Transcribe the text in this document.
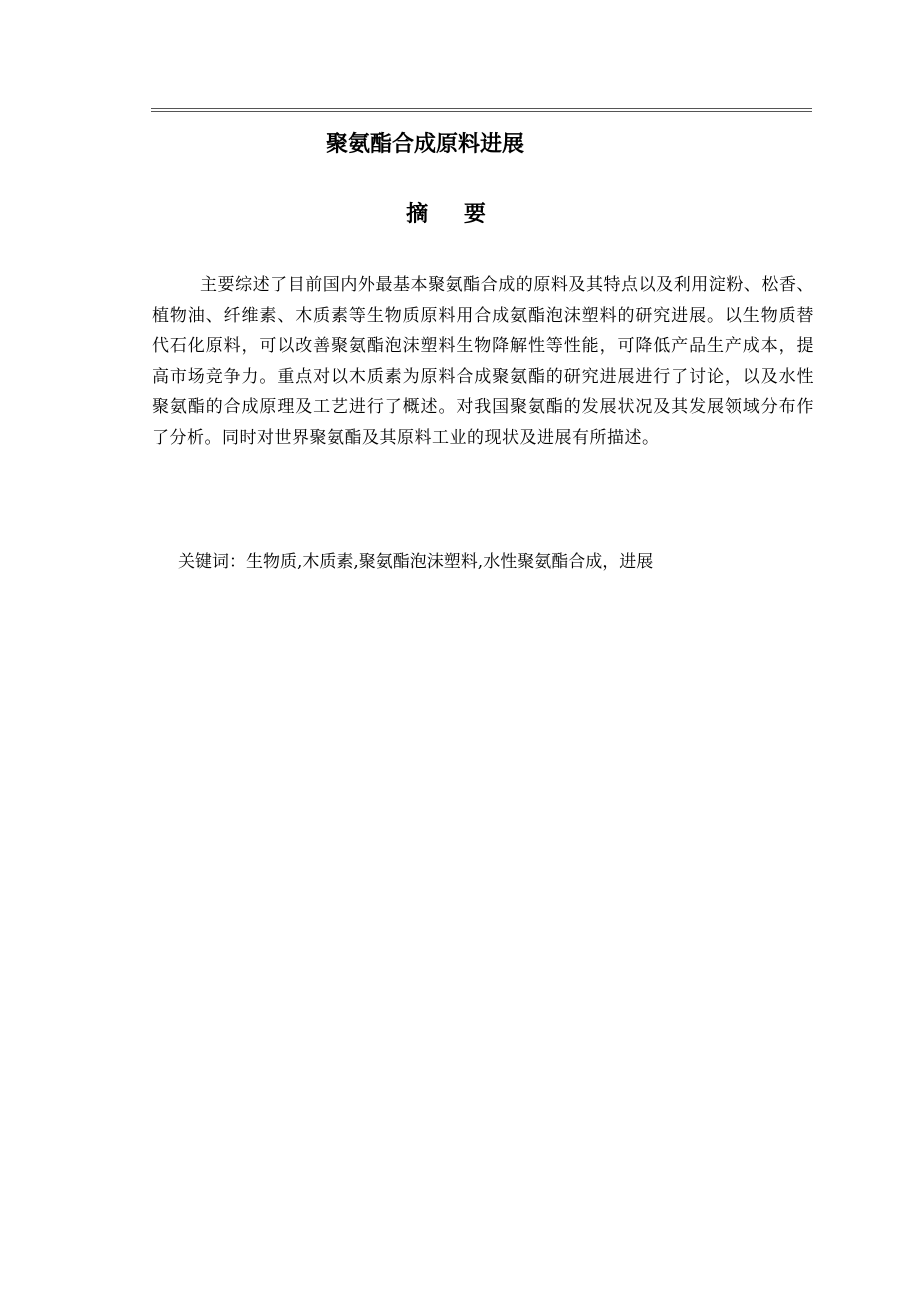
聚氨酯合成原料进展
摘 要

主要综述了目前国内外最基本聚氨酯合成的原料及其特点以及利用淀粉、松香、植物油、纤维素、木质素等生物质原料用合成氨酯泡沫塑料的研究进展。以生物质替代石化原料，可以改善聚氨酯泡沫塑料生物降解性等性能，可降低产品生产成本，提高市场竞争力。重点对以木质素为原料合成聚氨酯的研究进展进行了讨论，以及水性聚氨酯的合成原理及工艺进行了概述。对我国聚氨酯的发展状况及其发展领域分布作了分析。同时对世界聚氨酯及其原料工业的现状及进展有所描述。

关键词：生物质,木质素,聚氨酯泡沫塑料,水性聚氨酯合成，进展
